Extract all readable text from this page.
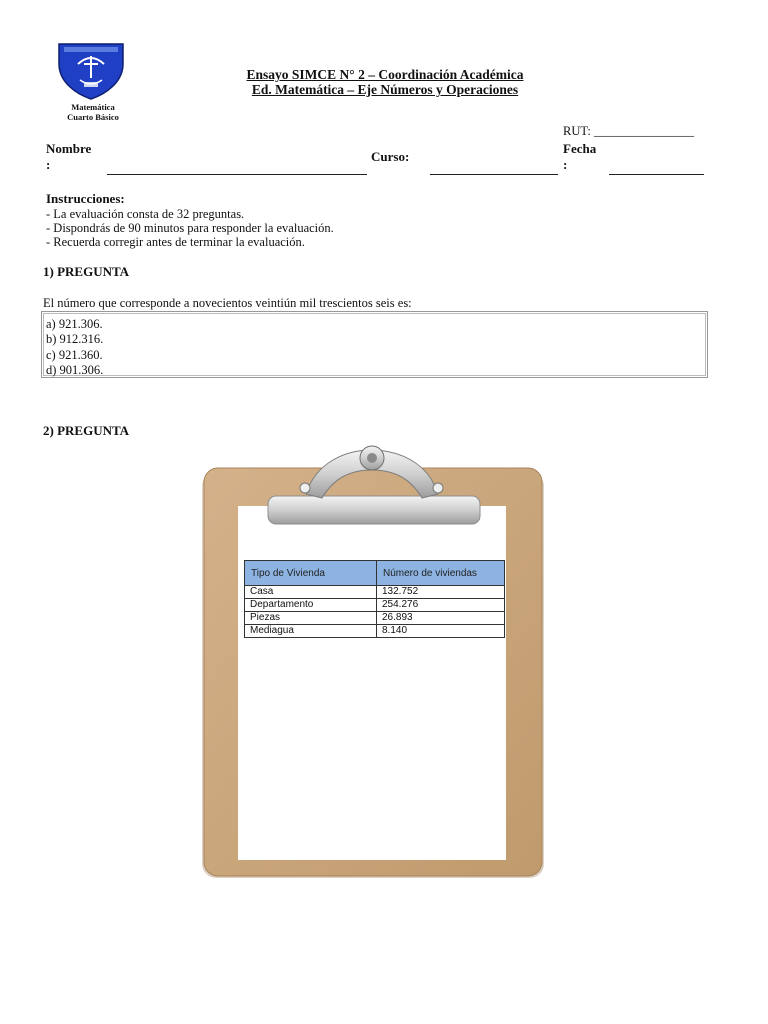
Matemática
Cuarto Básico
Ensayo SIMCE N° 2 – Coordinación Académica
Ed. Matemática – Eje Números y Operaciones
RUT: ________________
Nombre
:
Curso:
Fecha
:
Instrucciones:
- La evaluación consta de 32 preguntas.
- Dispondrás de 90 minutos para responder la evaluación.
- Recuerda corregir antes de terminar la evaluación.
1) PREGUNTA
El número que corresponde a novecientos veintiún mil trescientos seis es:
a) 921.306.
b) 912.316.
c) 921.360.
d) 901.306.
2) PREGUNTA
Tipo de Vivienda	Número de viviendas
Casa	132.752
Departamento	254.276
Piezas	26.893
Mediagua	8.140
